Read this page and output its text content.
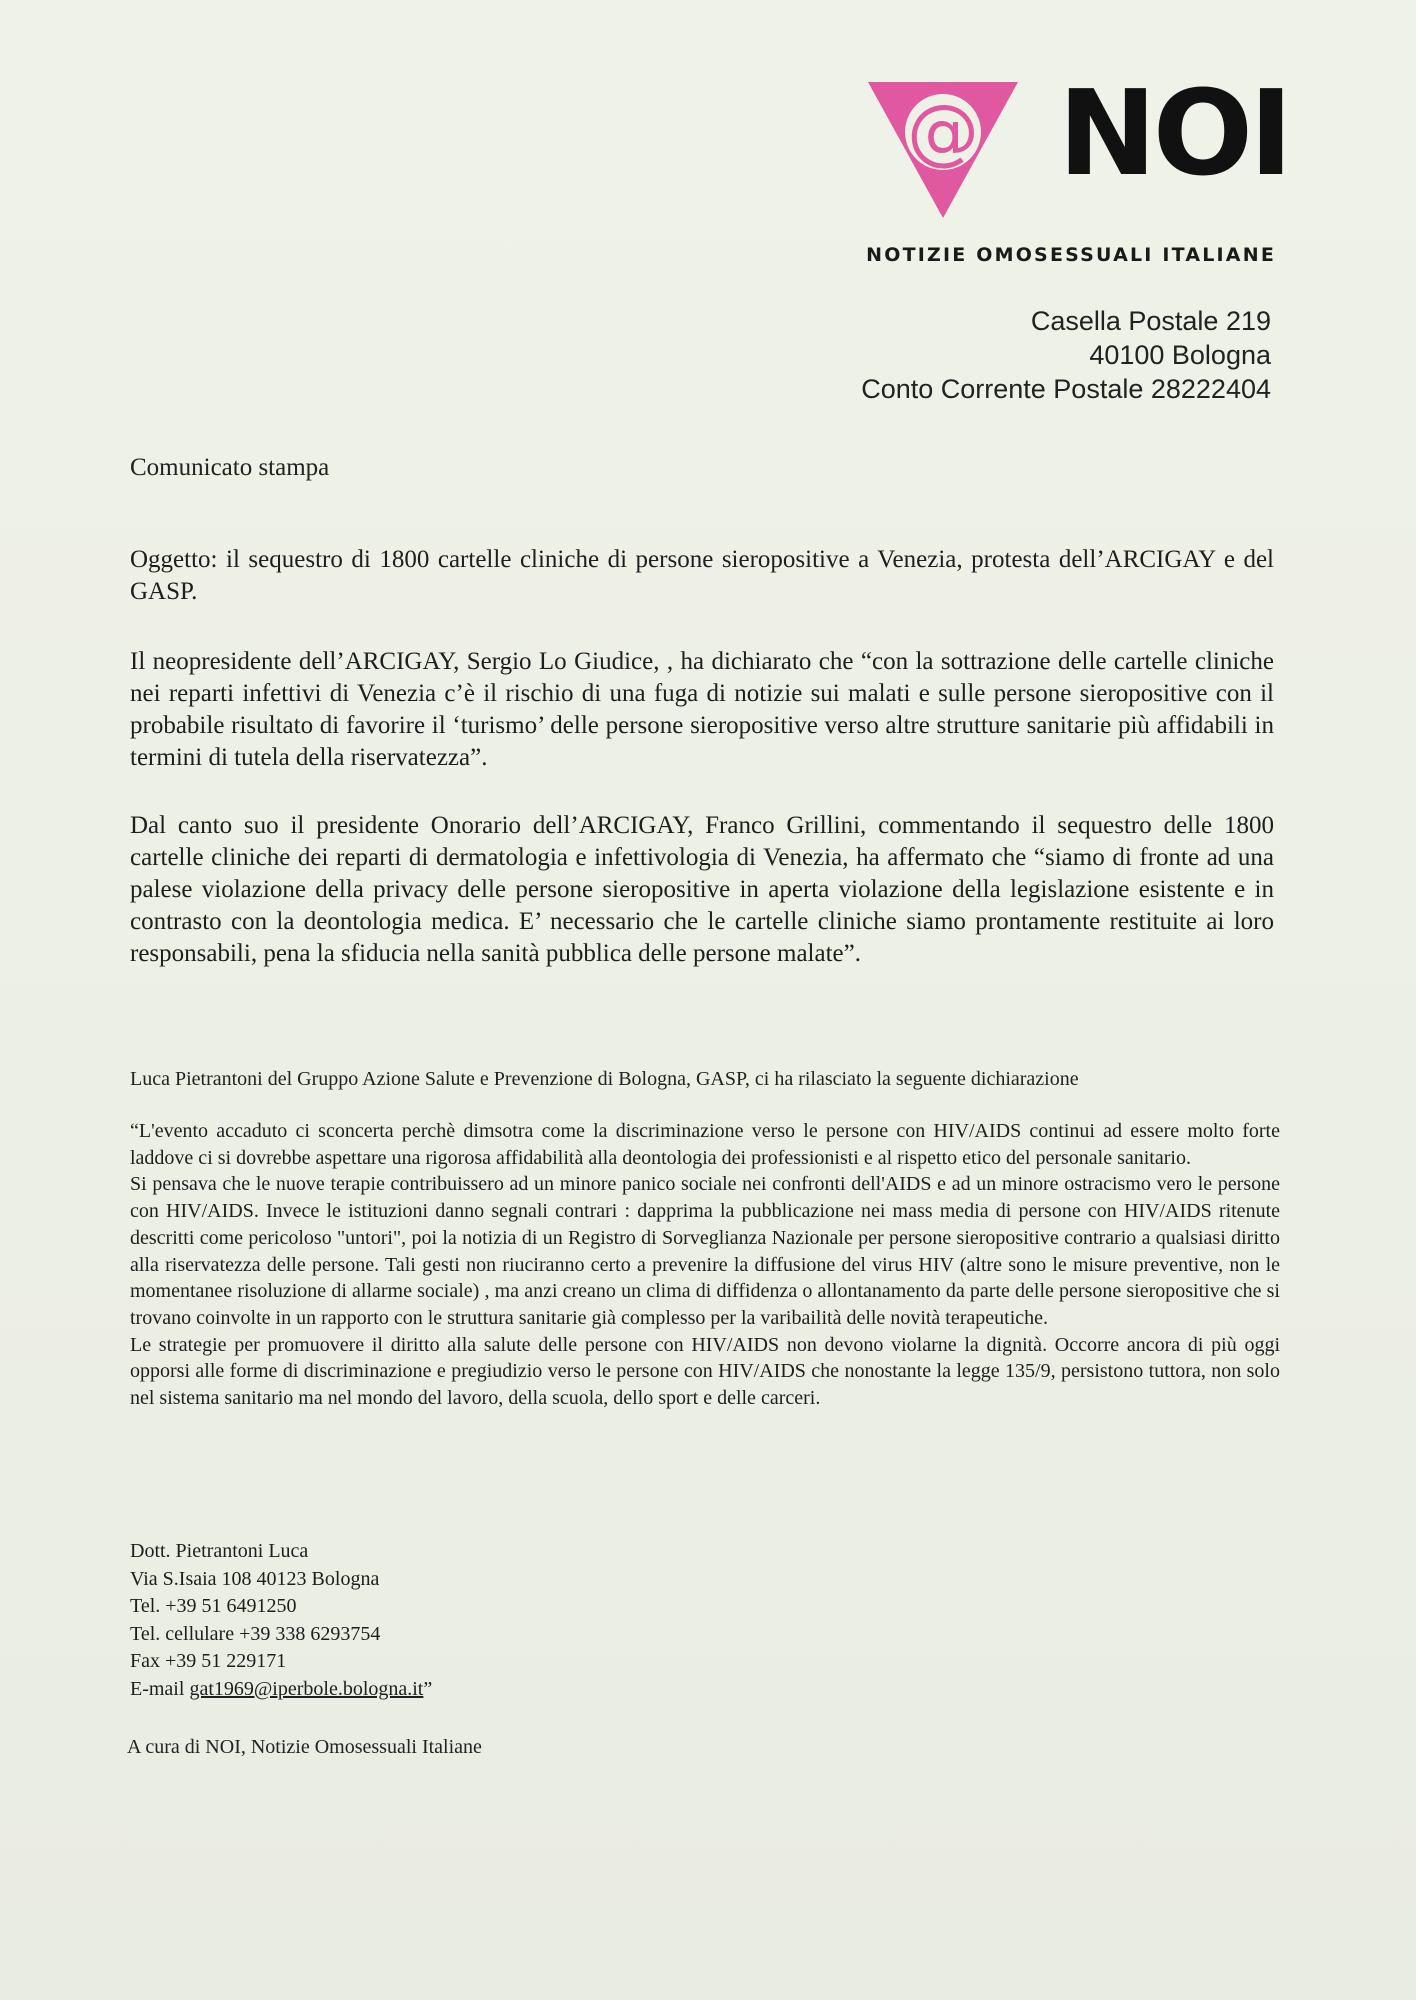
@ NOI
NOTIZIE OMOSESSUALI ITALIANE
Casella Postale 219
40100 Bologna
Conto Corrente Postale 28222404
Comunicato stampa
Oggetto: il sequestro di 1800 cartelle cliniche di persone sieropositive a Venezia, protesta dell’ARCIGAY e del GASP.
Il neopresidente dell’ARCIGAY, Sergio Lo Giudice, , ha dichiarato che “con la sottrazione delle cartelle cliniche nei reparti infettivi di Venezia c’è il rischio di una fuga di notizie sui malati e sulle persone sieropositive con il probabile risultato di favorire il ‘turismo’ delle persone sieropositive verso altre strutture sanitarie più affidabili in termini di tutela della riservatezza”.
Dal canto suo il presidente Onorario dell’ARCIGAY, Franco Grillini, commentando il sequestro delle 1800 cartelle cliniche dei reparti di dermatologia e infettivologia di Venezia, ha affermato che “siamo di fronte ad una palese violazione della privacy delle persone sieropositive in aperta violazione della legislazione esistente e in contrasto con la deontologia medica. E’ necessario che le cartelle cliniche siamo prontamente restituite ai loro responsabili, pena la sfiducia nella sanità pubblica delle persone malate”.
Luca Pietrantoni del Gruppo Azione Salute e Prevenzione di Bologna, GASP, ci ha rilasciato la seguente dichiarazione
“L'evento accaduto ci sconcerta perchè dimsotra come la discriminazione verso le persone con HIV/AIDS continui ad essere molto forte laddove ci si dovrebbe aspettare una rigorosa affidabilità alla deontologia dei professionisti e al rispetto etico del personale sanitario.
Si pensava che le nuove terapie contribuissero ad un minore panico sociale nei confronti dell'AIDS e ad un minore ostracismo vero le persone con HIV/AIDS. Invece le istituzioni danno segnali contrari : dapprima la pubblicazione nei mass media di persone con HIV/AIDS ritenute descritti come pericoloso "untori", poi la notizia di un Registro di Sorveglianza Nazionale per persone sieropositive contrario a qualsiasi diritto alla riservatezza delle persone. Tali gesti non riuciranno certo a prevenire la diffusione del virus HIV (altre sono le misure preventive, non le momentanee risoluzione di allarme sociale) , ma anzi creano un clima di diffidenza o allontanamento da parte delle persone sieropositive che si trovano coinvolte in un rapporto con le struttura sanitarie già complesso per la varibailità delle novità terapeutiche.
Le strategie per promuovere il diritto alla salute delle persone con HIV/AIDS non devono violarne la dignità. Occorre ancora di più oggi opporsi alle forme di discriminazione e pregiudizio verso le persone con HIV/AIDS che nonostante la legge 135/9, persistono tuttora, non solo nel sistema sanitario ma nel mondo del lavoro, della scuola, dello sport e delle carceri.
Dott. Pietrantoni Luca
Via S.Isaia 108 40123 Bologna
Tel. +39 51 6491250
Tel. cellulare +39 338 6293754
Fax +39 51 229171
E-mail gat1969@iperbole.bologna.it”
A cura di NOI, Notizie Omosessuali Italiane
